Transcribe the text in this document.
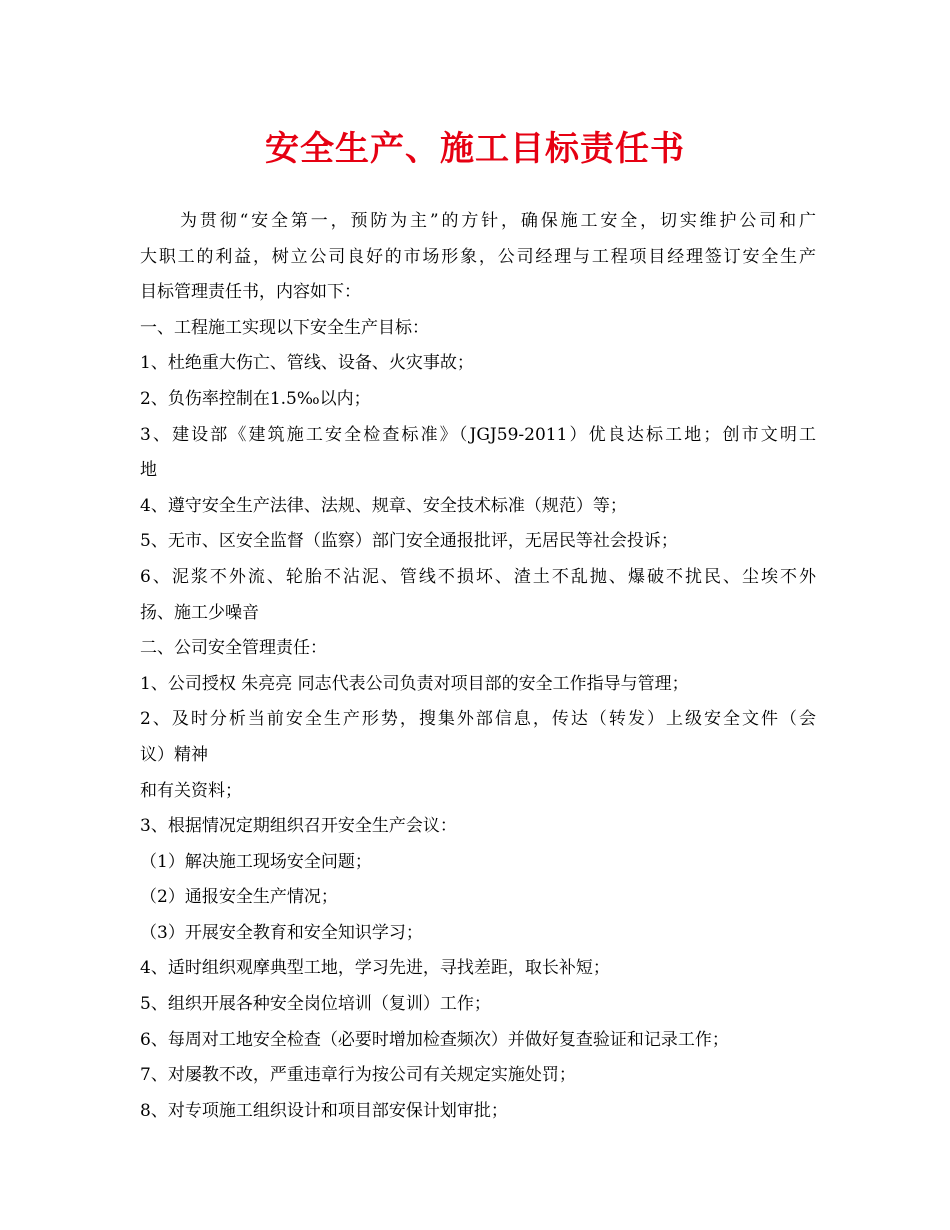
安全生产、施工目标责任书
为贯彻“安全第一，预防为主”的方针，确保施工安全，切实维护公司和广
大职工的利益，树立公司良好的市场形象，公司经理与工程项目经理签订安全生产
目标管理责任书，内容如下：
一、工程施工实现以下安全生产目标：
1、杜绝重大伤亡、管线、设备、火灾事故；
2、负伤率控制在1.5‰以内；
3、建设部《建筑施工安全检查标准》（JGJ59-2011）优良达标工地；创市文明工
地
4、遵守安全生产法律、法规、规章、安全技术标准（规范）等；
5、无市、区安全监督（监察）部门安全通报批评，无居民等社会投诉；
6、泥浆不外流、轮胎不沾泥、管线不损坏、渣土不乱抛、爆破不扰民、尘埃不外
扬、施工少噪音
二、公司安全管理责任：
1、公司授权 朱亮亮 同志代表公司负责对项目部的安全工作指导与管理；
2、及时分析当前安全生产形势，搜集外部信息，传达（转发）上级安全文件（会
议）精神
和有关资料；
3、根据情况定期组织召开安全生产会议：
（1）解决施工现场安全问题；
（2）通报安全生产情况；
（3）开展安全教育和安全知识学习；
4、适时组织观摩典型工地，学习先进，寻找差距，取长补短；
5、组织开展各种安全岗位培训（复训）工作；
6、每周对工地安全检查（必要时增加检查频次）并做好复查验证和记录工作；
7、对屡教不改，严重违章行为按公司有关规定实施处罚；
8、对专项施工组织设计和项目部安保计划审批；
